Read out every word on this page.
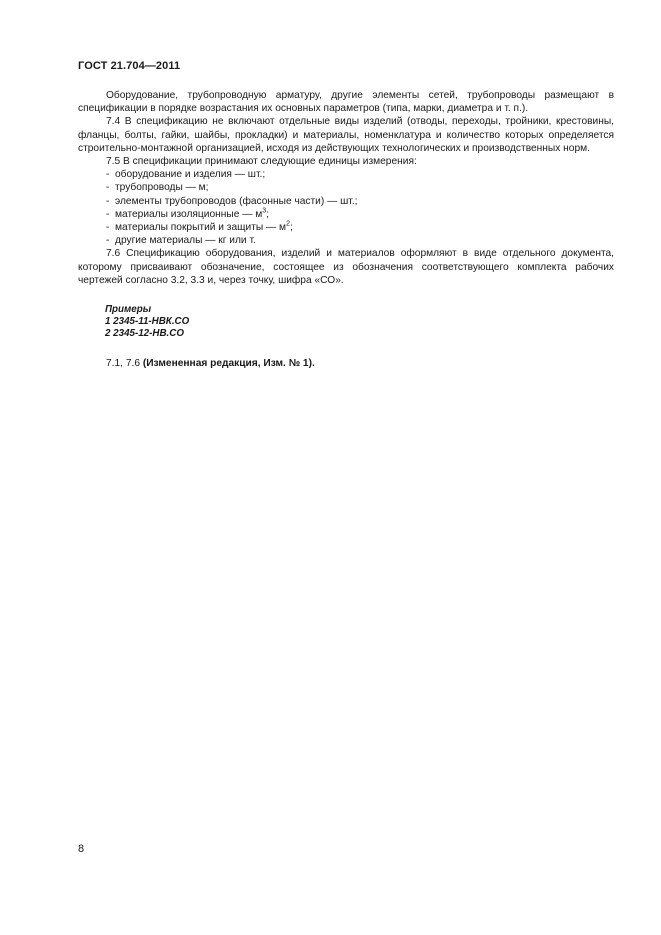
ГОСТ 21.704—2011

Оборудование, трубопроводную арматуру, другие элементы сетей, трубопроводы размещают в спецификации в порядке возрастания их основных параметров (типа, марки, диаметра и т. п.).

7.4 В спецификацию не включают отдельные виды изделий (отводы, переходы, тройники, крестовины, фланцы, болты, гайки, шайбы, прокладки) и материалы, номенклатура и количество которых определяется строительно-монтажной организацией, исходя из действующих технологических и производственных норм.

7.5 В спецификации принимают следующие единицы измерения:

- оборудование и изделия — шт.;
- трубопроводы — м;
- элементы трубопроводов (фасонные части) — шт.;
- материалы изоляционные — $м^3$;
- материалы покрытий и защиты — $м^2$;
- другие материалы — кг или т.

7.6 Спецификацию оборудования, изделий и материалов оформляют в виде отдельного документа, которому присваивают обозначение, состоящее из обозначения соответствующего комплекта рабочих чертежей согласно 3.2, 3.3 и, через точку, шифра «СО».

Примеры
1 2345-11-НВК.СО
2 2345-12-НВ.СО
7.1, 7.6 (Измененная редакция, Изм. № 1).
8
